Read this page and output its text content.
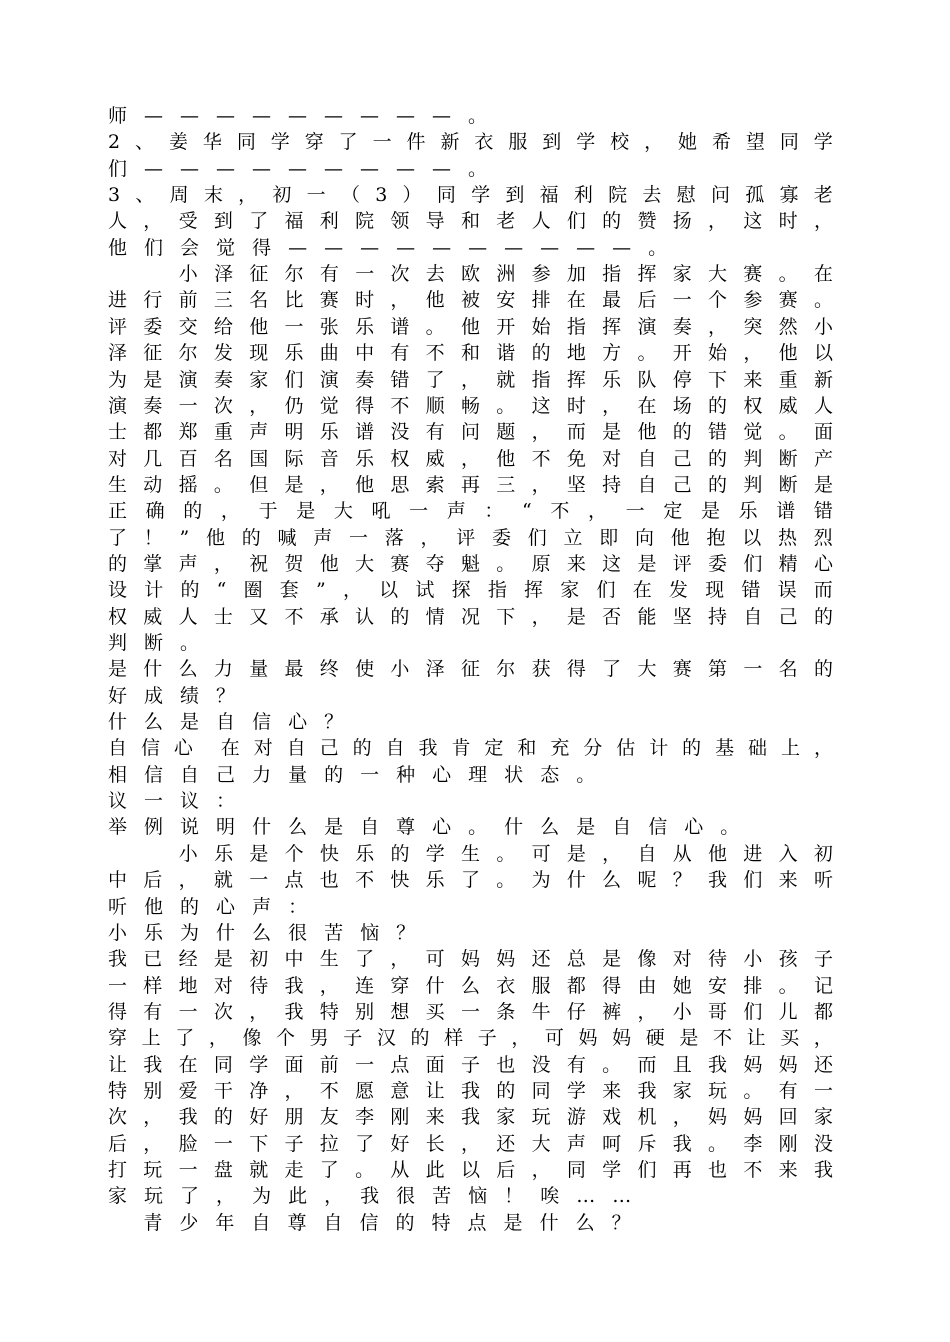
师 — — — — — — — — — 。
2 、 姜 华 同 学 穿 了 一 件 新 衣 服 到 学 校 ， 她 希 望 同 学
们 — — — — — — — — — 。
3 、 周 末 ， 初 一 （ 3 ） 同 学 到 福 利 院 去 慰 问 孤 寡 老
人 ， 受 到 了 福 利 院 领 导 和 老 人 们 的 赞 扬 ， 这 时 ，
他 们 会 觉 得 — — — — — — — — — — 。
小 泽 征 尔 有 一 次 去 欧 洲 参 加 指 挥 家 大 赛 。 在
进 行 前 三 名 比 赛 时 ， 他 被 安 排 在 最 后 一 个 参 赛 。
评 委 交 给 他 一 张 乐 谱 。 他 开 始 指 挥 演 奏 ， 突 然 小
泽 征 尔 发 现 乐 曲 中 有 不 和 谐 的 地 方 。 开 始 ， 他 以
为 是 演 奏 家 们 演 奏 错 了 ， 就 指 挥 乐 队 停 下 来 重 新
演 奏 一 次 ， 仍 觉 得 不 顺 畅 。 这 时 ， 在 场 的 权 威 人
士 都 郑 重 声 明 乐 谱 没 有 问 题 ， 而 是 他 的 错 觉 。 面
对 几 百 名 国 际 音 乐 权 威 ， 他 不 免 对 自 己 的 判 断 产
生 动 摇 。 但 是 ， 他 思 索 再 三 ， 坚 持 自 己 的 判 断 是
正 确 的 ， 于 是 大 吼 一 声 ： “ 不 ， 一 定 是 乐 谱 错
了 ！ ” 他 的 喊 声 一 落 ， 评 委 们 立 即 向 他 抱 以 热 烈
的 掌 声 ， 祝 贺 他 大 赛 夺 魁 。 原 来 这 是 评 委 们 精 心
设 计 的 “ 圈 套 ” ， 以 试 探 指 挥 家 们 在 发 现 错 误 而
权 威 人 士 又 不 承 认 的 情 况 下 ， 是 否 能 坚 持 自 己 的
判 断 。
是 什 么 力 量 最 终 使 小 泽 征 尔 获 得 了 大 赛 第 一 名 的
好 成 绩 ？
什 么 是 自 信 心 ？
自 信 心 在 对 自 己 的 自 我 肯 定 和 充 分 估 计 的 基 础 上 ，
相 信 自 己 力 量 的 一 种 心 理 状 态 。
议 一 议 ：
举 例 说 明 什 么 是 自 尊 心 。 什 么 是 自 信 心 。
小 乐 是 个 快 乐 的 学 生 。 可 是 ， 自 从 他 进 入 初
中 后 ， 就 一 点 也 不 快 乐 了 。 为 什 么 呢 ？ 我 们 来 听
听 他 的 心 声 ：
小 乐 为 什 么 很 苦 恼 ？
我 已 经 是 初 中 生 了 ， 可 妈 妈 还 总 是 像 对 待 小 孩 子
一 样 地 对 待 我 ， 连 穿 什 么 衣 服 都 得 由 她 安 排 。 记
得 有 一 次 ， 我 特 别 想 买 一 条 牛 仔 裤 ， 小 哥 们 儿 都
穿 上 了 ， 像 个 男 子 汉 的 样 子 ， 可 妈 妈 硬 是 不 让 买 ，
让 我 在 同 学 面 前 一 点 面 子 也 没 有 。 而 且 我 妈 妈 还
特 别 爱 干 净 ， 不 愿 意 让 我 的 同 学 来 我 家 玩 。 有 一
次 ， 我 的 好 朋 友 李 刚 来 我 家 玩 游 戏 机 ， 妈 妈 回 家
后 ， 脸 一 下 子 拉 了 好 长 ， 还 大 声 呵 斥 我 。 李 刚 没
打 玩 一 盘 就 走 了 。 从 此 以 后 ， 同 学 们 再 也 不 来 我
家 玩 了 ， 为 此 ， 我 很 苦 恼 ！ 唉 … …
青 少 年 自 尊 自 信 的 特 点 是 什 么 ？
